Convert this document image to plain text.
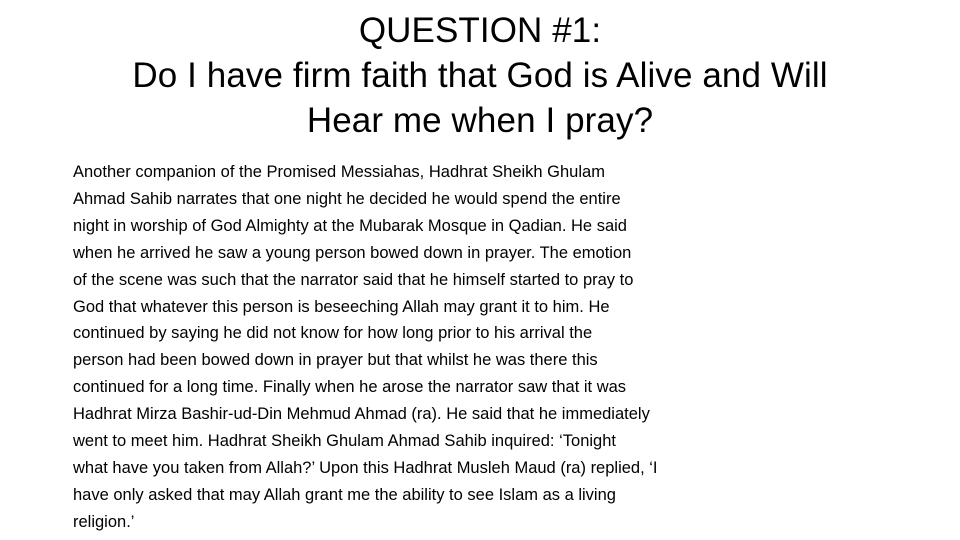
QUESTION #1:
Do I have firm faith that God is Alive and Will
Hear me when I pray?
Another companion of the Promised Messiahas, Hadhrat Sheikh Ghulam
Ahmad Sahib narrates that one night he decided he would spend the entire
night in worship of God Almighty at the Mubarak Mosque in Qadian. He said
when he arrived he saw a young person bowed down in prayer. The emotion
of the scene was such that the narrator said that he himself started to pray to
God that whatever this person is beseeching Allah may grant it to him. He
continued by saying he did not know for how long prior to his arrival the
person had been bowed down in prayer but that whilst he was there this
continued for a long time. Finally when he arose the narrator saw that it was
Hadhrat Mirza Bashir-ud-Din Mehmud Ahmad (ra). He said that he immediately
went to meet him. Hadhrat Sheikh Ghulam Ahmad Sahib inquired: ‘Tonight
what have you taken from Allah?’ Upon this Hadhrat Musleh Maud (ra) replied, ‘I
have only asked that may Allah grant me the ability to see Islam as a living
religion.’
